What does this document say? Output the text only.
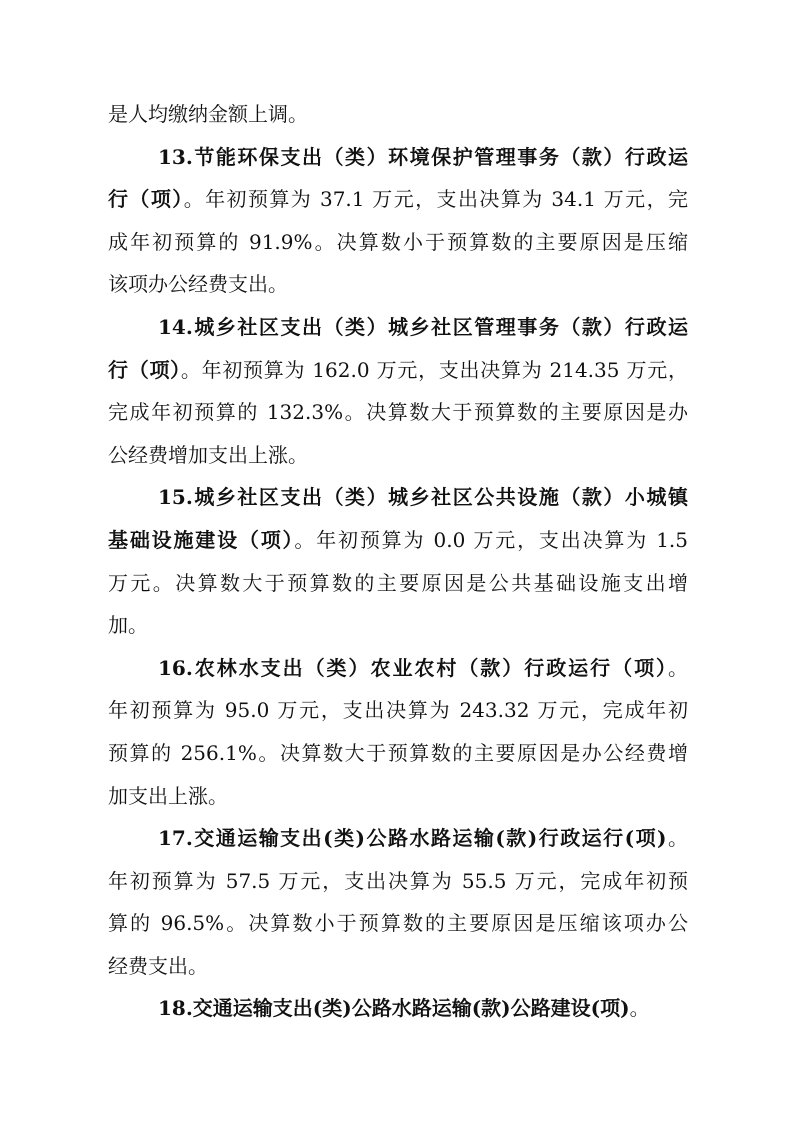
是人均缴纳金额上调。
13.节能环保支出（类）环境保护管理事务（款）行政运
行（项）。年初预算为 37.1 万元，支出决算为 34.1 万元，完
成年初预算的 91.9%。决算数小于预算数的主要原因是压缩
该项办公经费支出。
14.城乡社区支出（类）城乡社区管理事务（款）行政运
行（项）。年初预算为 162.0 万元，支出决算为 214.35 万元，
完成年初预算的 132.3%。决算数大于预算数的主要原因是办
公经费增加支出上涨。
15.城乡社区支出（类）城乡社区公共设施（款）小城镇
基础设施建设（项）。年初预算为 0.0 万元，支出决算为 1.5
万元。决算数大于预算数的主要原因是公共基础设施支出增
加。
16.农林水支出（类）农业农村（款）行政运行（项）。
年初预算为 95.0 万元，支出决算为 243.32 万元，完成年初
预算的 256.1%。决算数大于预算数的主要原因是办公经费增
加支出上涨。
17.交通运输支出(类)公路水路运输(款)行政运行(项)。
年初预算为 57.5 万元，支出决算为 55.5 万元，完成年初预
算的 96.5%。决算数小于预算数的主要原因是压缩该项办公
经费支出。
18.交通运输支出(类)公路水路运输(款)公路建设(项)。
